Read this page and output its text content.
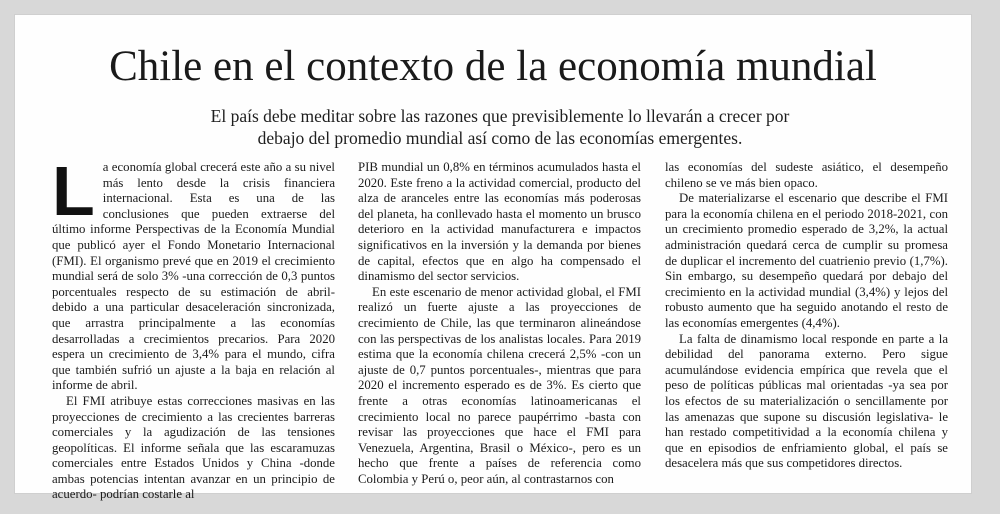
Chile en el contexto de la economía mundial
El país debe meditar sobre las razones que previsiblemente lo llevarán a crecer por
debajo del promedio mundial así como de las economías emergentes.

La economía global crecerá este año a su nivel más lento desde la crisis financiera internacional. Esta es una de las conclusiones que pueden extraerse del último informe Perspectivas de la Economía Mundial que publicó ayer el Fondo Monetario Internacional (FMI). El organismo prevé que en 2019 el crecimiento mundial será de solo 3% -una corrección de 0,3 puntos porcentuales respecto de su estimación de abril- debido a una particular desaceleración sincronizada, que arrastra principalmente a las economías desarrolladas a crecimientos precarios. Para 2020 espera un crecimiento de 3,4% para el mundo, cifra que también sufrió un ajuste a la baja en relación al informe de abril.

El FMI atribuye estas correcciones masivas en las proyecciones de crecimiento a las crecientes barreras comerciales y la agudización de las tensiones geopolíticas. El informe señala que las escaramuzas comerciales entre Estados Unidos y China -donde ambas potencias intentan avanzar en un principio de acuerdo- podrían costarle al

PIB mundial un 0,8% en términos acumulados hasta el 2020. Este freno a la actividad comercial, producto del alza de aranceles entre las economías más poderosas del planeta, ha conllevado hasta el momento un brusco deterioro en la actividad manufacturera e impactos significativos en la inversión y la demanda por bienes de capital, efectos que en algo ha compensado el dinamismo del sector servicios.

En este escenario de menor actividad global, el FMI realizó un fuerte ajuste a las proyecciones de crecimiento de Chile, las que terminaron alineándose con las perspectivas de los analistas locales. Para 2019 estima que la economía chilena crecerá 2,5% -con un ajuste de 0,7 puntos porcentuales-, mientras que para 2020 el incremento esperado es de 3%. Es cierto que frente a otras economías latinoamericanas el crecimiento local no parece paupérrimo -basta con revisar las proyecciones que hace el FMI para Venezuela, Argentina, Brasil o México-, pero es un hecho que frente a países de referencia como Colombia y Perú o, peor aún, al contrastarnos con

las economías del sudeste asiático, el desempeño chileno se ve más bien opaco.

De materializarse el escenario que describe el FMI para la economía chilena en el periodo 2018-2021, con un crecimiento promedio esperado de 3,2%, la actual administración quedará cerca de cumplir su promesa de duplicar el incremento del cuatrienio previo (1,7%). Sin embargo, su desempeño quedará por debajo del crecimiento en la actividad mundial (3,4%) y lejos del robusto aumento que ha seguido anotando el resto de las economías emergentes (4,4%).

La falta de dinamismo local responde en parte a la debilidad del panorama externo. Pero sigue acumulándose evidencia empírica que revela que el peso de políticas públicas mal orientadas -ya sea por los efectos de su materialización o sencillamente por las amenazas que supone su discusión legislativa- le han restado competitividad a la economía chilena y que en episodios de enfriamiento global, el país se desacelera más que sus competidores directos.
